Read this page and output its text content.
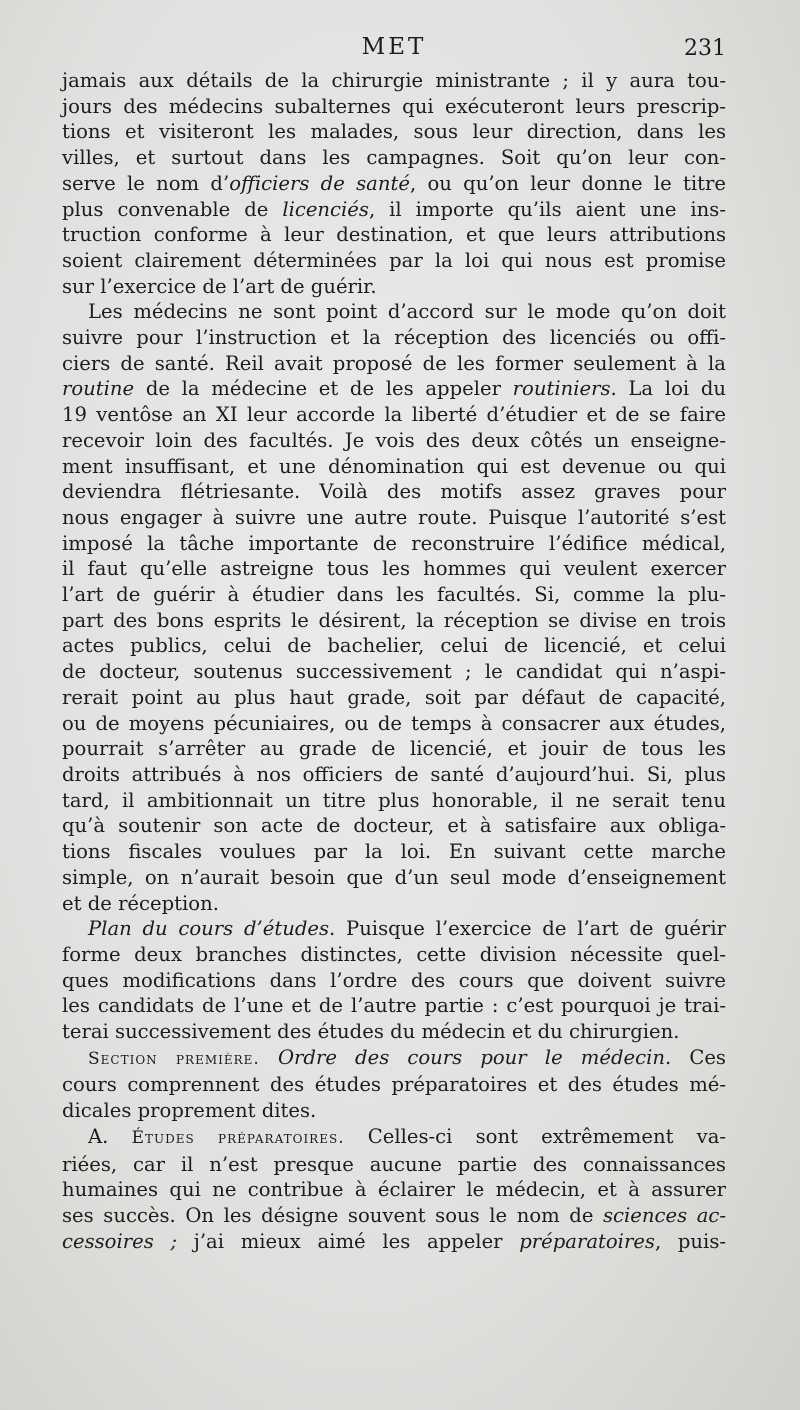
MET	231
jamais aux détails de la chirurgie ministrante ; il y aura tou-
jours des médecins subalternes qui exécuteront leurs prescrip-
tions et visiteront les malades, sous leur direction, dans les
villes, et surtout dans les campagnes. Soit qu’on leur con-
serve le nom d’officiers de santé, ou qu’on leur donne le titre
plus convenable de licenciés, il importe qu’ils aient une ins-
truction conforme à leur destination, et que leurs attributions
soient clairement déterminées par la loi qui nous est promise
sur l’exercice de l’art de guérir.
Les médecins ne sont point d’accord sur le mode qu’on doit
suivre pour l’instruction et la réception des licenciés ou offi-
ciers de santé. Reil avait proposé de les former seulement à la
routine de la médecine et de les appeler routiniers. La loi du
19 ventôse an XI leur accorde la liberté d’étudier et de se faire
recevoir loin des facultés. Je vois des deux côtés un enseigne-
ment insuffisant, et une dénomination qui est devenue ou qui
deviendra flétriesante. Voilà des motifs assez graves pour
nous engager à suivre une autre route. Puisque l’autorité s’est
imposé la tâche importante de reconstruire l’édifice médical,
il faut qu’elle astreigne tous les hommes qui veulent exercer
l’art de guérir à étudier dans les facultés. Si, comme la plu-
part des bons esprits le désirent, la réception se divise en trois
actes publics, celui de bachelier, celui de licencié, et celui
de docteur, soutenus successivement ; le candidat qui n’aspi-
rerait point au plus haut grade, soit par défaut de capacité,
ou de moyens pécuniaires, ou de temps à consacrer aux études,
pourrait s’arrêter au grade de licencié, et jouir de tous les
droits attribués à nos officiers de santé d’aujourd’hui. Si, plus
tard, il ambitionnait un titre plus honorable, il ne serait tenu
qu’à soutenir son acte de docteur, et à satisfaire aux obliga-
tions fiscales voulues par la loi. En suivant cette marche
simple, on n’aurait besoin que d’un seul mode d’enseignement
et de réception.
Plan du cours d’études. Puisque l’exercice de l’art de guérir
forme deux branches distinctes, cette division nécessite quel-
ques modifications dans l’ordre des cours que doivent suivre
les candidats de l’une et de l’autre partie : c’est pourquoi je trai-
terai successivement des études du médecin et du chirurgien.
Section première. Ordre des cours pour le médecin. Ces
cours comprennent des études préparatoires et des études mé-
dicales proprement dites.
A. Études préparatoires. Celles-ci sont extrêmement va-
riées, car il n’est presque aucune partie des connaissances
humaines qui ne contribue à éclairer le médecin, et à assurer
ses succès. On les désigne souvent sous le nom de sciences ac-
cessoires ; j’ai mieux aimé les appeler préparatoires, puis-
